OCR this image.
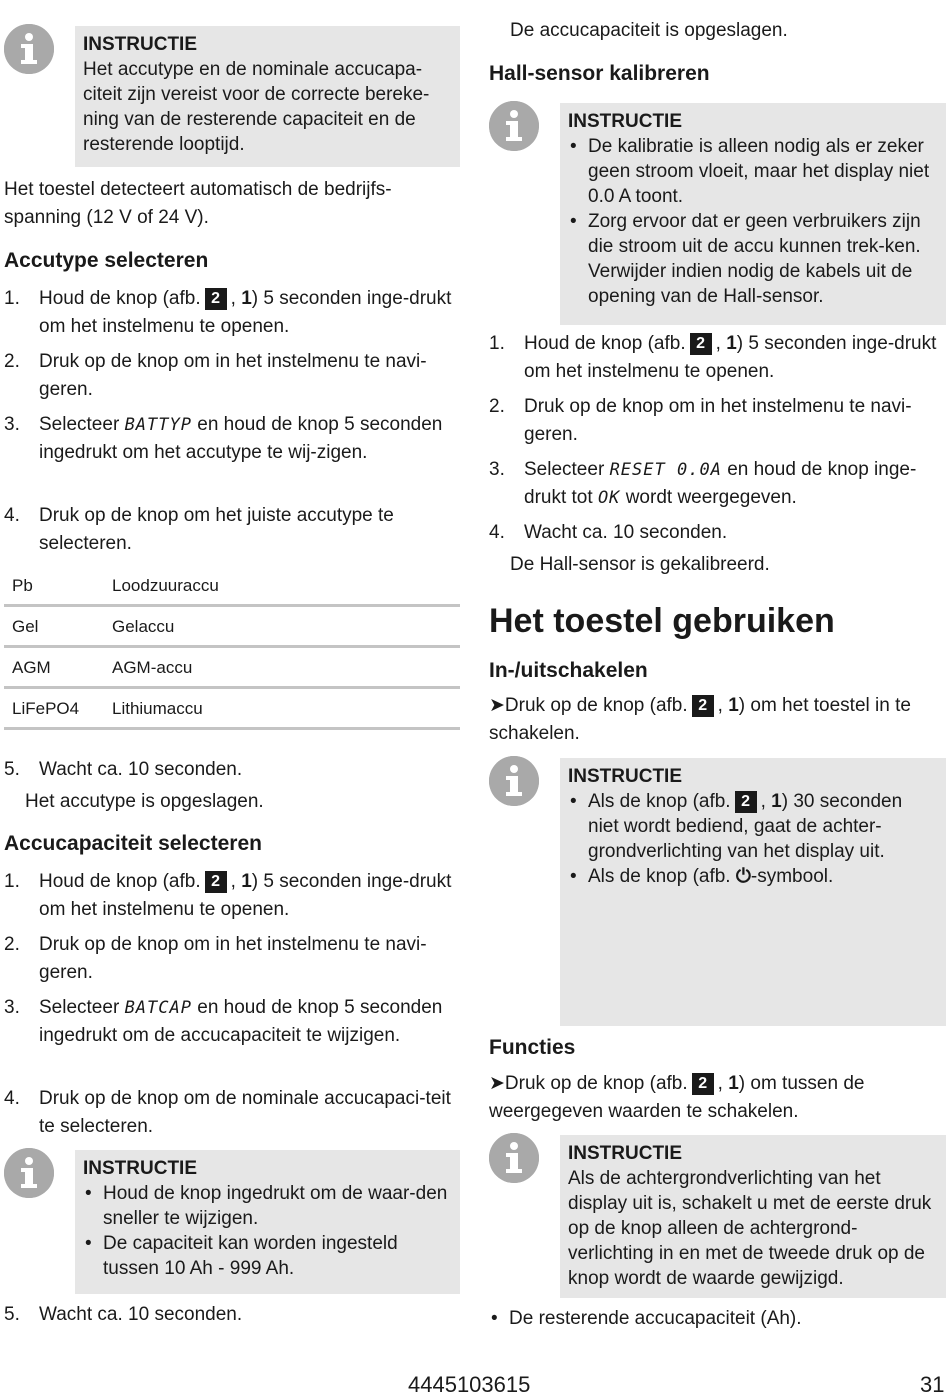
INSTRUCTIE
Het accutype en de nominale accucapa-citeit zijn vereist voor de correcte bereke-ning van de resterende capaciteit en de resterende looptijd.
Het toestel detecteert automatisch de bedrijfs-spanning (12 V of 24 V).
Accutype selecteren
1. Houd de knop (afb. 2 , 1) 5 seconden inge-drukt om het instelmenu te openen.
2. Druk op de knop om in het instelmenu te navi-geren.
3. Selecteer BATTYP en houd de knop 5 seconden ingedrukt om het accutype te wij-zigen.
4. Druk op de knop om het juiste accutype te selecteren.
Pb	Loodzuuraccu
Gel	Gelaccu
AGM	AGM-accu
LiFePO4	Lithiumaccu
5. Wacht ca. 10 seconden.
Het accutype is opgeslagen.
Accucapaciteit selecteren
1. Houd de knop (afb. 2 , 1) 5 seconden inge-drukt om het instelmenu te openen.
2. Druk op de knop om in het instelmenu te navi-geren.
3. Selecteer BATCAP en houd de knop 5 seconden ingedrukt om de accucapaciteit te wijzigen.
4. Druk op de knop om de nominale accucapaci-teit te selecteren.
INSTRUCTIE
• Houd de knop ingedrukt om de waar-den sneller te wijzigen.
• De capaciteit kan worden ingesteld tussen 10 Ah - 999 Ah.
5. Wacht ca. 10 seconden.
De accucapaciteit is opgeslagen.
Hall-sensor kalibreren
INSTRUCTIE
• De kalibratie is alleen nodig als er zeker geen stroom vloeit, maar het display niet 0.0 A toont.
• Zorg ervoor dat er geen verbruikers zijn die stroom uit de accu kunnen trek-ken. Verwijder indien nodig de kabels uit de opening van de Hall-sensor.
1. Houd de knop (afb. 2 , 1) 5 seconden inge-drukt om het instelmenu te openen.
2. Druk op de knop om in het instelmenu te navi-geren.
3. Selecteer RESET 0.0A en houd de knop inge-drukt tot OK wordt weergegeven.
4. Wacht ca. 10 seconden.
De Hall-sensor is gekalibreerd.
Het toestel gebruiken
In-/uitschakelen
➤Druk op de knop (afb. 2 , 1) om het toestel in te schakelen.
INSTRUCTIE
• Als de knop (afb. 2 , 1) 30 seconden niet wordt bediend, gaat de achter-grondverlichting van het display uit.
• Als de knop (afb. ⏻-symbool.
Functies
➤Druk op de knop (afb. 2 , 1) om tussen de weergegeven waarden te schakelen.
INSTRUCTIE
Als de achtergrondverlichting van het display uit is, schakelt u met de eerste druk op de knop alleen de achtergrond-verlichting in en met de tweede druk op de knop wordt de waarde gewijzigd.
• De resterende accucapaciteit (Ah).
4445103615	31
